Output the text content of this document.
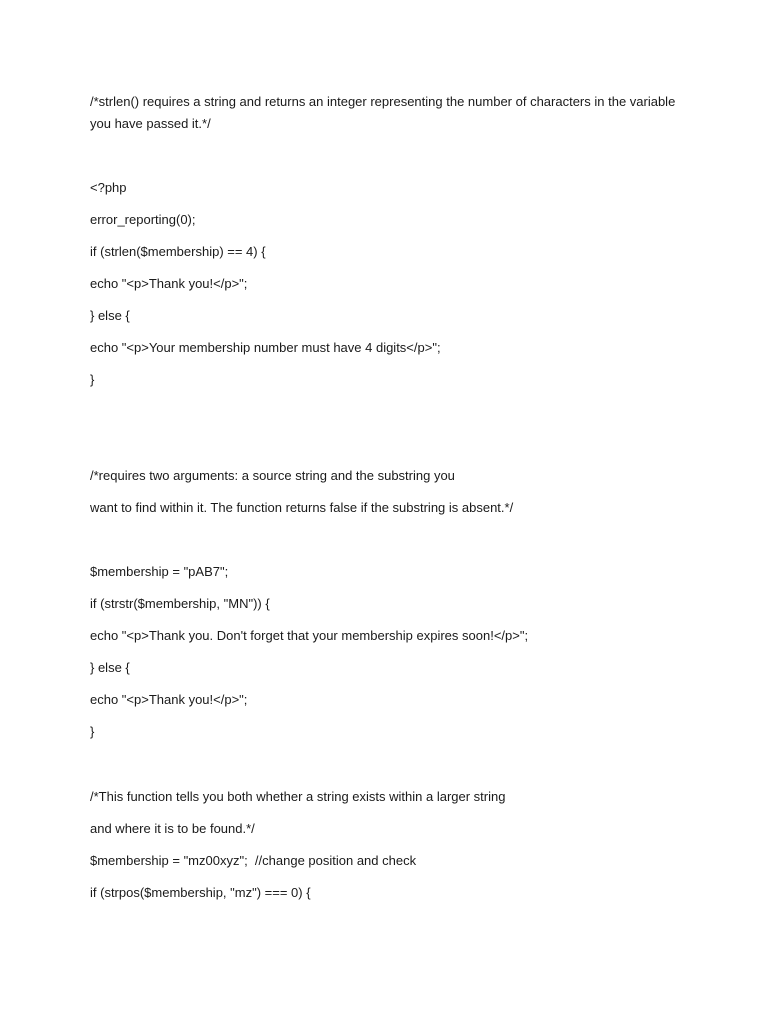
/*strlen() requires a string and returns an integer representing the number of characters in the variable you have passed it.*/
<?php
error_reporting(0);
if (strlen($membership) == 4) {
echo "<p>Thank you!</p>";
} else {
echo "<p>Your membership number must have 4 digits</p>";
}
/*requires two arguments: a source string and the substring you
want to find within it. The function returns false if the substring is absent.*/
$membership = "pAB7";
if (strstr($membership, "MN")) {
echo "<p>Thank you. Don't forget that your membership expires soon!</p>";
} else {
echo "<p>Thank you!</p>";
}
/*This function tells you both whether a string exists within a larger string
and where it is to be found.*/
$membership = "mz00xyz";  //change position and check
if (strpos($membership, "mz") === 0) {
